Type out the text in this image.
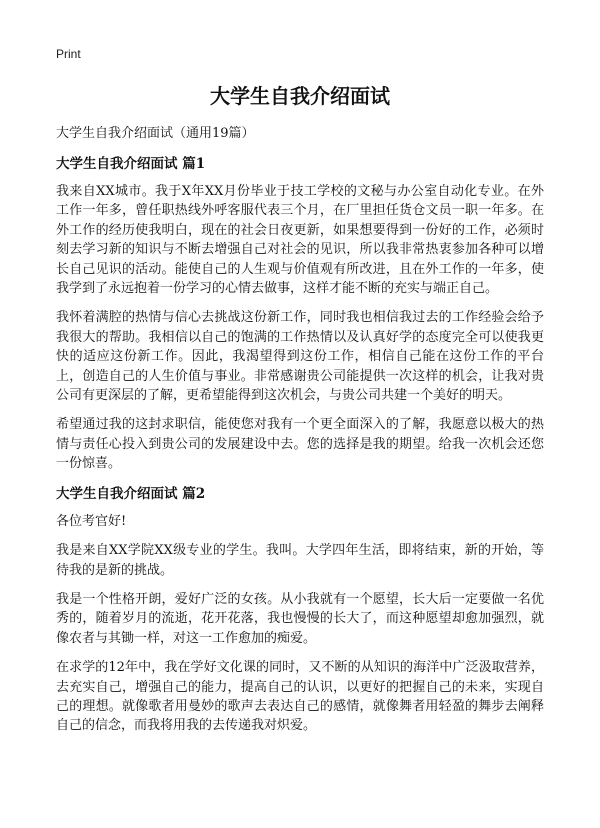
Print
大学生自我介绍面试

大学生自我介绍面试（通用19篇）

大学生自我介绍面试 篇1

我来自XX城市。我于X年XX月份毕业于技工学校的文秘与办公室自动化专业。在外工作一年多，曾任职热线外呼客服代表三个月，在厂里担任货仓文员一职一年多。在外工作的经历使我明白，现在的社会日夜更新，如果想要得到一份好的工作，必须时刻去学习新的知识与不断去增强自己对社会的见识，所以我非常热衷参加各种可以增长自己见识的活动。能使自己的人生观与价值观有所改进，且在外工作的一年多，使我学到了永远抱着一份学习的心情去做事，这样才能不断的充实与端正自己。

我怀着满腔的热情与信心去挑战这份新工作，同时我也相信我过去的工作经验会给予我很大的帮助。我相信以自己的饱满的工作热情以及认真好学的态度完全可以使我更快的适应这份新工作。因此，我渴望得到这份工作，相信自己能在这份工作的平台上，创造自己的人生价值与事业。非常感谢贵公司能提供一次这样的机会，让我对贵公司有更深层的了解，更希望能得到这次机会，与贵公司共建一个美好的明天。

希望通过我的这封求职信，能使您对我有一个更全面深入的了解，我愿意以极大的热情与责任心投入到贵公司的发展建设中去。您的选择是我的期望。给我一次机会还您一份惊喜。

大学生自我介绍面试 篇2

各位考官好!

我是来自XX学院XX级专业的学生。我叫。大学四年生活，即将结束，新的开始，等待我的是新的挑战。

我是一个性格开朗，爱好广泛的女孩。从小我就有一个愿望，长大后一定要做一名优秀的，随着岁月的流逝，花开花落，我也慢慢的长大了，而这种愿望却愈加强烈，就像农者与其锄一样，对这一工作愈加的痴爱。

在求学的12年中，我在学好文化课的同时，又不断的从知识的海洋中广泛汲取营养，去充实自己，增强自己的能力，提高自己的认识，以更好的把握自己的未来，实现自己的理想。就像歌者用曼妙的歌声去表达自己的感情，就像舞者用轻盈的舞步去阐释自己的信念，而我将用我的去传递我对炽爱。
